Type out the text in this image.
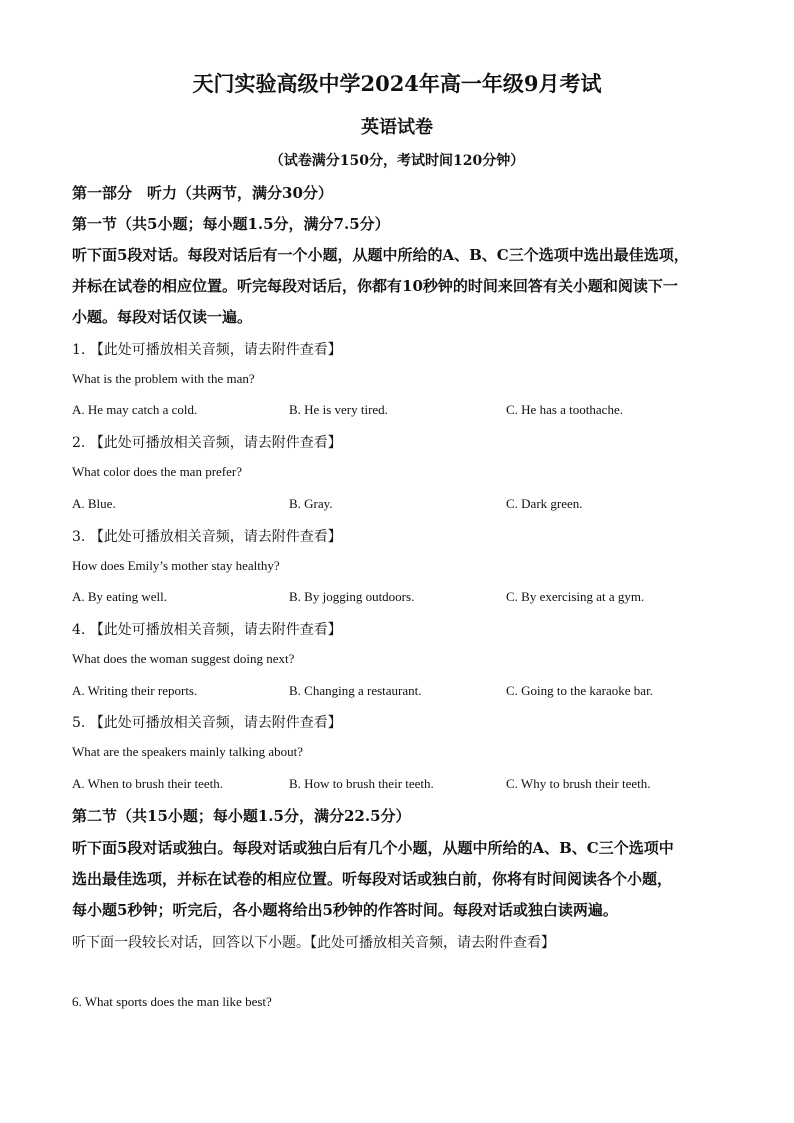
天门实验高级中学2024年高一年级9月考试
英语试卷
（试卷满分150分，考试时间120分钟）
第一部分　听力（共两节，满分30分）
第一节（共5小题；每小题1.5分，满分7.5分）
听下面5段对话。每段对话后有一个小题，从题中所给的A、B、C三个选项中选出最佳选项，
并标在试卷的相应位置。听完每段对话后，你都有10秒钟的时间来回答有关小题和阅读下一
小题。每段对话仅读一遍。
1. 【此处可播放相关音频，请去附件查看】
What is the problem with the man?
A. He may catch a cold.	B. He is very tired.	C. He has a toothache.
2. 【此处可播放相关音频，请去附件查看】
What color does the man prefer?
A. Blue.	B. Gray.	C. Dark green.
3. 【此处可播放相关音频，请去附件查看】
How does Emily’s mother stay healthy?
A. By eating well.	B. By jogging outdoors.	C. By exercising at a gym.
4. 【此处可播放相关音频，请去附件查看】
What does the woman suggest doing next?
A. Writing their reports.	B. Changing a restaurant.	C. Going to the karaoke bar.
5. 【此处可播放相关音频，请去附件查看】
What are the speakers mainly talking about?
A. When to brush their teeth.	B. How to brush their teeth.	C. Why to brush their teeth.
第二节（共15小题；每小题1.5分，满分22.5分）
听下面5段对话或独白。每段对话或独白后有几个小题，从题中所给的A、B、C三个选项中
选出最佳选项，并标在试卷的相应位置。听每段对话或独白前，你将有时间阅读各个小题，
每小题5秒钟；听完后，各小题将给出5秒钟的作答时间。每段对话或独白读两遍。
听下面一段较长对话，回答以下小题。【此处可播放相关音频，请去附件查看】
6. What sports does the man like best?
